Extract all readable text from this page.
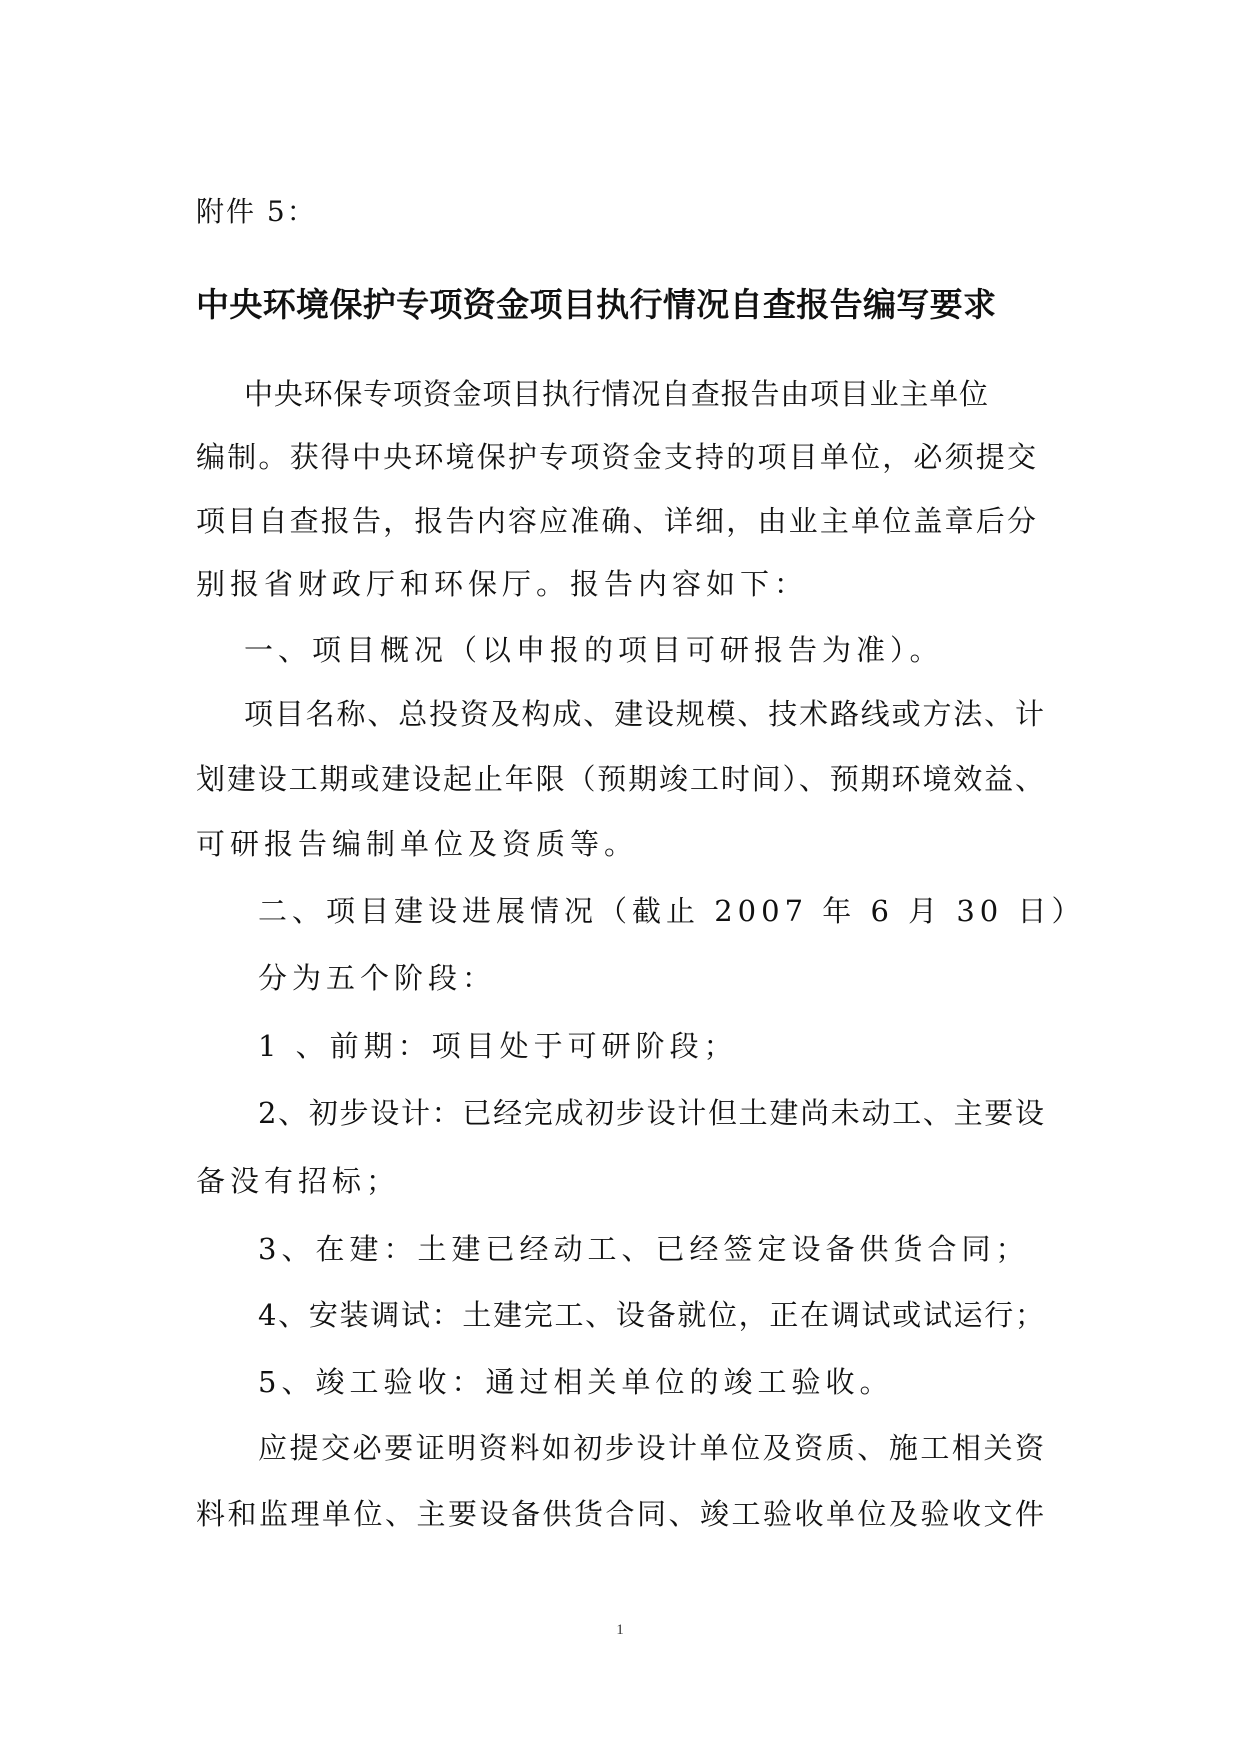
附件 5：
中央环境保护专项资金项目执行情况自查报告编写要求
中央环保专项资金项目执行情况自查报告由项目业主单位
编制。获得中央环境保护专项资金支持的项目单位，必须提交
项目自查报告，报告内容应准确、详细，由业主单位盖章后分
别报省财政厅和环保厅。报告内容如下：
一、项目概况（以申报的项目可研报告为准）。
项目名称、总投资及构成、建设规模、技术路线或方法、计
划建设工期或建设起止年限（预期竣工时间）、预期环境效益、
可研报告编制单位及资质等。
二、项目建设进展情况（截止 2007 年 6 月 30 日）
分为五个阶段：
1 、前期：项目处于可研阶段；
2、初步设计：已经完成初步设计但土建尚未动工、主要设
备没有招标；
3、在建：土建已经动工、已经签定设备供货合同；
4、安装调试：土建完工、设备就位，正在调试或试运行；
5、竣工验收：通过相关单位的竣工验收。
应提交必要证明资料如初步设计单位及资质、施工相关资
料和监理单位、主要设备供货合同、竣工验收单位及验收文件
1
